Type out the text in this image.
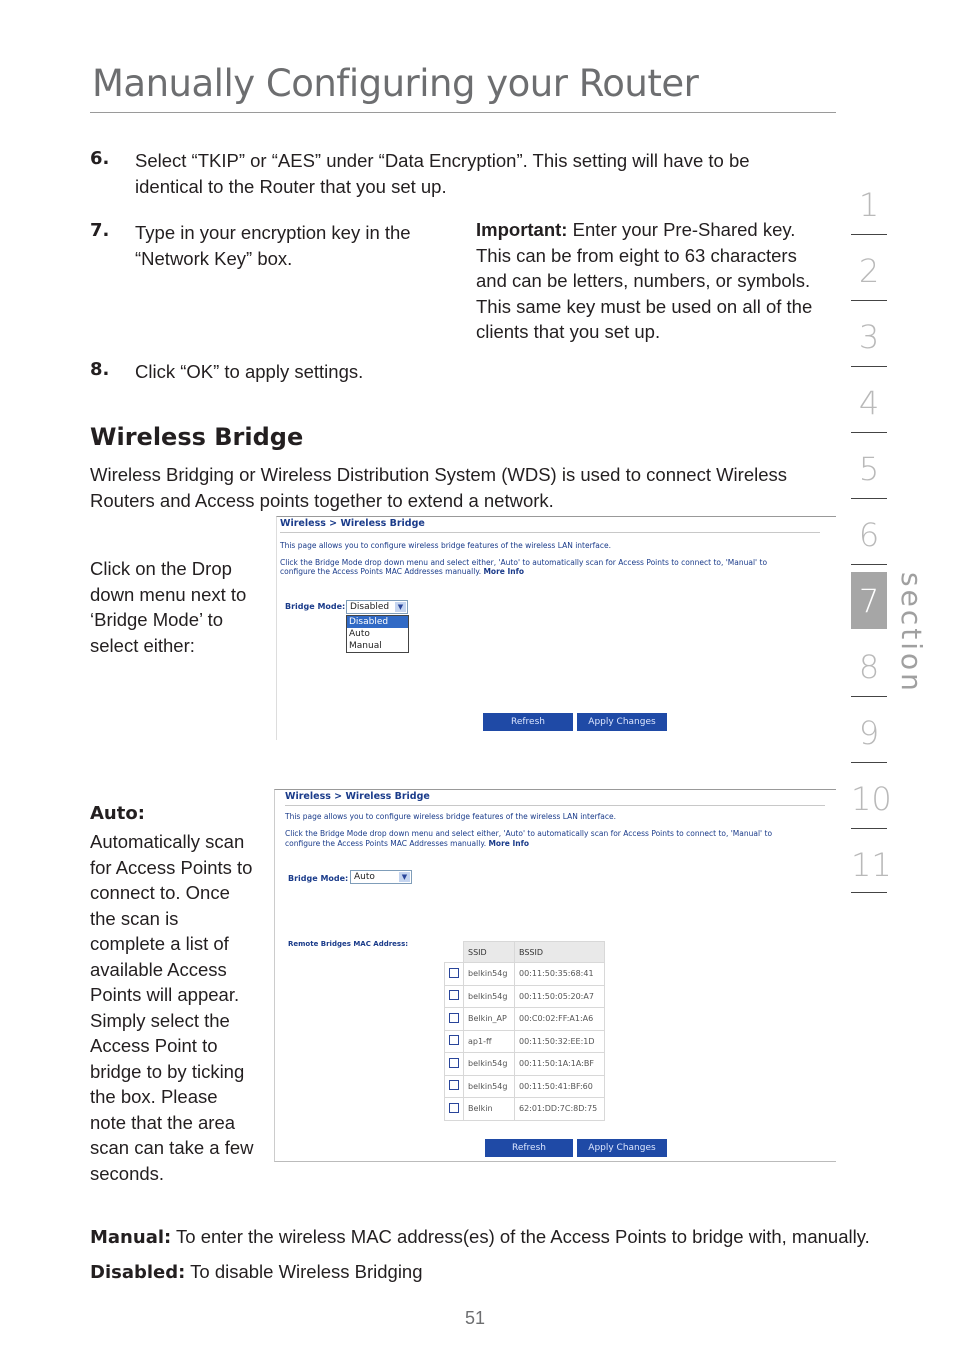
Manually Configuring your Router
6. Select “TKIP” or “AES” under “Data Encryption”. This setting will have to be identical to the Router that you set up.
7. Type in your encryption key in the “Network Key” box.
Important: Enter your Pre-Shared key. This can be from eight to 63 characters and can be letters, numbers, or symbols. This same key must be used on all of the clients that you set up.
8. Click “OK” to apply settings.
Wireless Bridge
Wireless Bridging or Wireless Distribution System (WDS) is used to connect Wireless Routers and Access points together to extend a network.
Click on the Drop down menu next to ‘Bridge Mode’ to select either:
Wireless > Wireless Bridge
This page allows you to configure wireless bridge features of the wireless LAN interface.
Click the Bridge Mode drop down menu and select either, 'Auto' to automatically scan for Access Points to connect to, 'Manual' to
configure the Access Points MAC Addresses manually. More Info
Bridge Mode: Disabled	▼
Disabled
Auto
Manual
Refresh	Apply Changes
Auto:
Automatically scan for Access Points to connect to. Once the scan is complete a list of available Access Points will appear. Simply select the Access Point to bridge to by ticking the box. Please note that the area scan can take a few seconds.
Wireless > Wireless Bridge
This page allows you to configure wireless bridge features of the wireless LAN interface.
Click the Bridge Mode drop down menu and select either, 'Auto' to automatically scan for Access Points to connect to, 'Manual' to
configure the Access Points MAC Addresses manually. More Info
Bridge Mode: Auto	▼
Remote Bridges MAC Address:
	SSID	BSSID
	belkin54g	00:11:50:35:68:41
	belkin54g	00:11:50:05:20:A7
	Belkin_AP	00:C0:02:FF:A1:A6
	ap1-ff	00:11:50:32:EE:1D
	belkin54g	00:11:50:1A:1A:BF
	belkin54g	00:11:50:41:BF:60
	Belkin	62:01:DD:7C:8D:75
Refresh	Apply Changes
Manual: To enter the wireless MAC address(es) of the Access Points to bridge with, manually.
Disabled: To disable Wireless Bridging
51
1
2
3
4
5
6
7
8
9
10
11
section
